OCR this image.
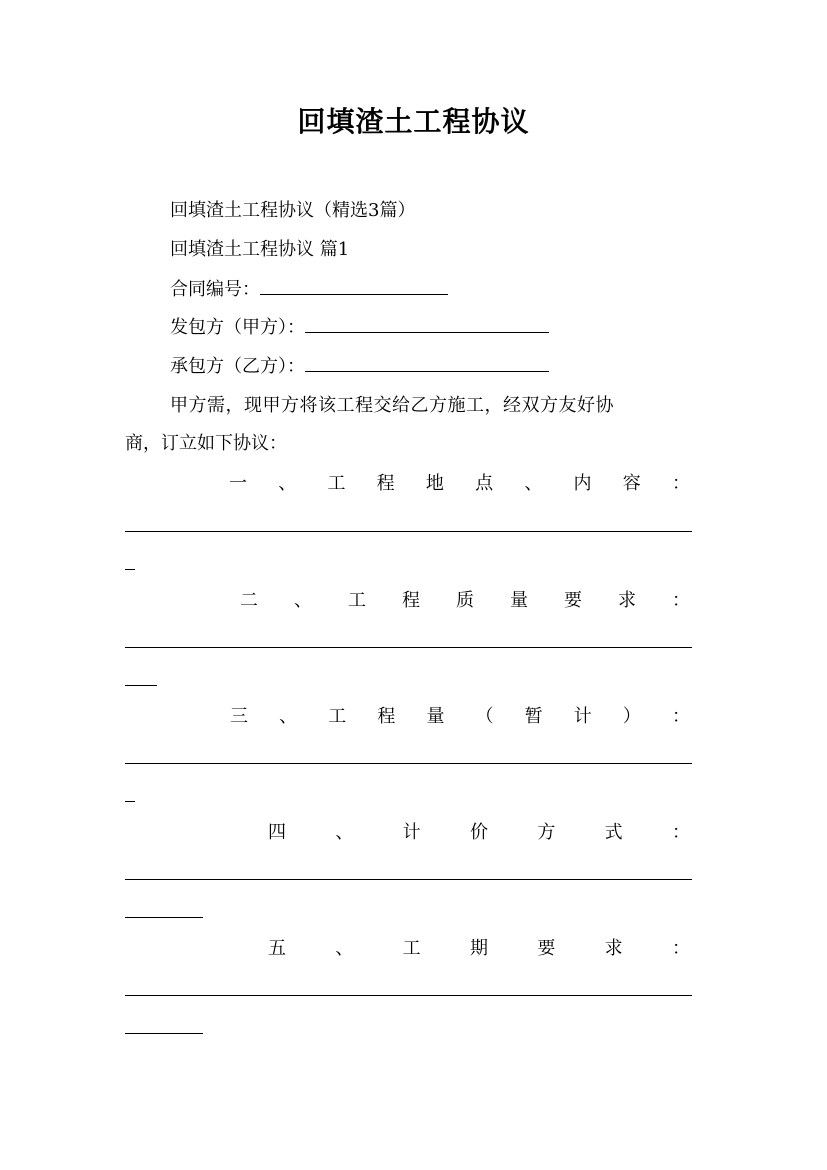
回填渣土工程协议
回填渣土工程协议（精选3篇）
回填渣土工程协议 篇1
合同编号：
发包方（甲方）：
承包方（乙方）：
甲方需，现甲方将该工程交给乙方施工，经双方友好协
商，订立如下协议：
一 、 工 程 地 点 、 内 容 ：
二 、 工 程 质 量 要 求 ：
三 、 工 程 量 （ 暂 计 ） ：
四	、	计	价	方	式	：
五	、	工	期	要	求	：
